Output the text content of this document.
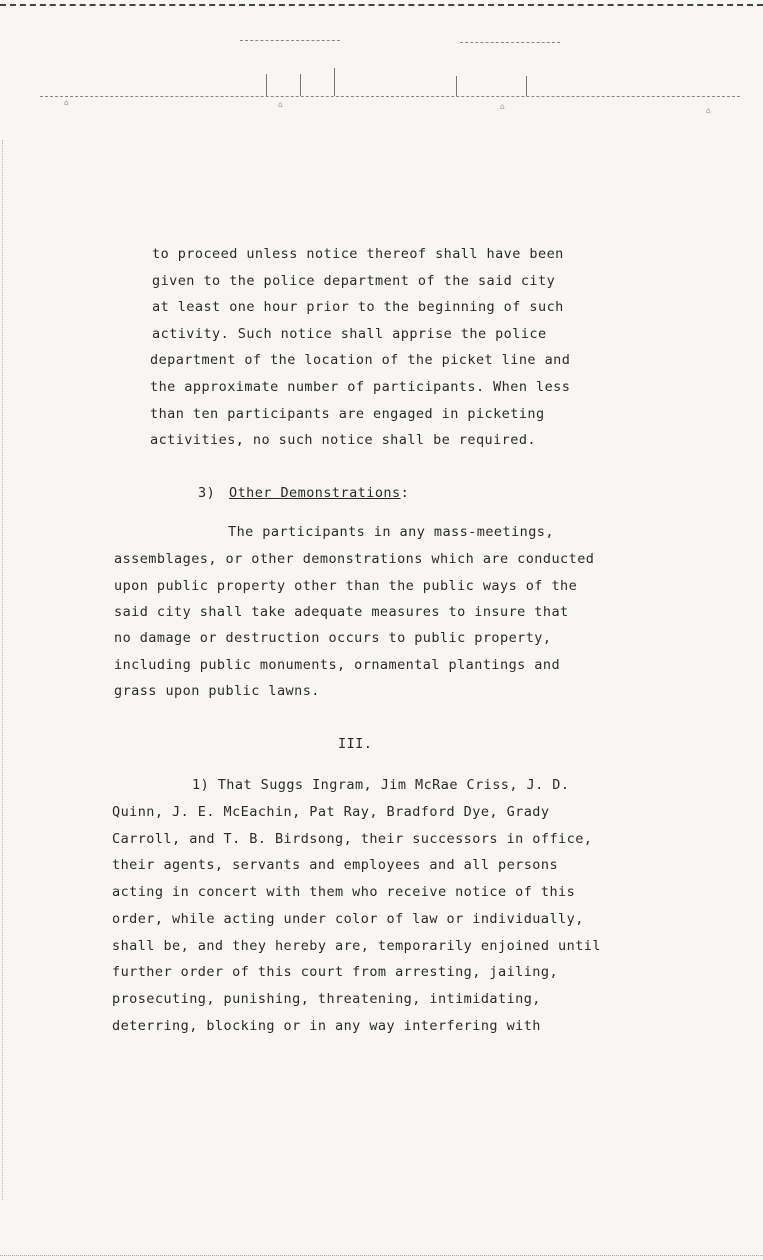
⌂	⌂	⌂	⌂
to proceed unless notice thereof shall have been
given to the police department of the said city
at least one hour prior to the beginning of such
activity. Such notice shall apprise the police
department of the location of the picket line and
the approximate number of participants. When less
than ten participants are engaged in picketing
activities, no such notice shall be required.
3) Other Demonstrations:
The participants in any mass-meetings,
assemblages, or other demonstrations which are conducted
upon public property other than the public ways of the
said city shall take adequate measures to insure that
no damage or destruction occurs to public property,
including public monuments, ornamental plantings and
grass upon public lawns.
III.
1) That Suggs Ingram, Jim McRae Criss, J. D.
Quinn, J. E. McEachin, Pat Ray, Bradford Dye, Grady
Carroll, and T. B. Birdsong, their successors in office,
their agents, servants and employees and all persons
acting in concert with them who receive notice of this
order, while acting under color of law or individually,
shall be, and they hereby are, temporarily enjoined until
further order of this court from arresting, jailing,
prosecuting, punishing, threatening, intimidating,
deterring, blocking or in any way interfering with
